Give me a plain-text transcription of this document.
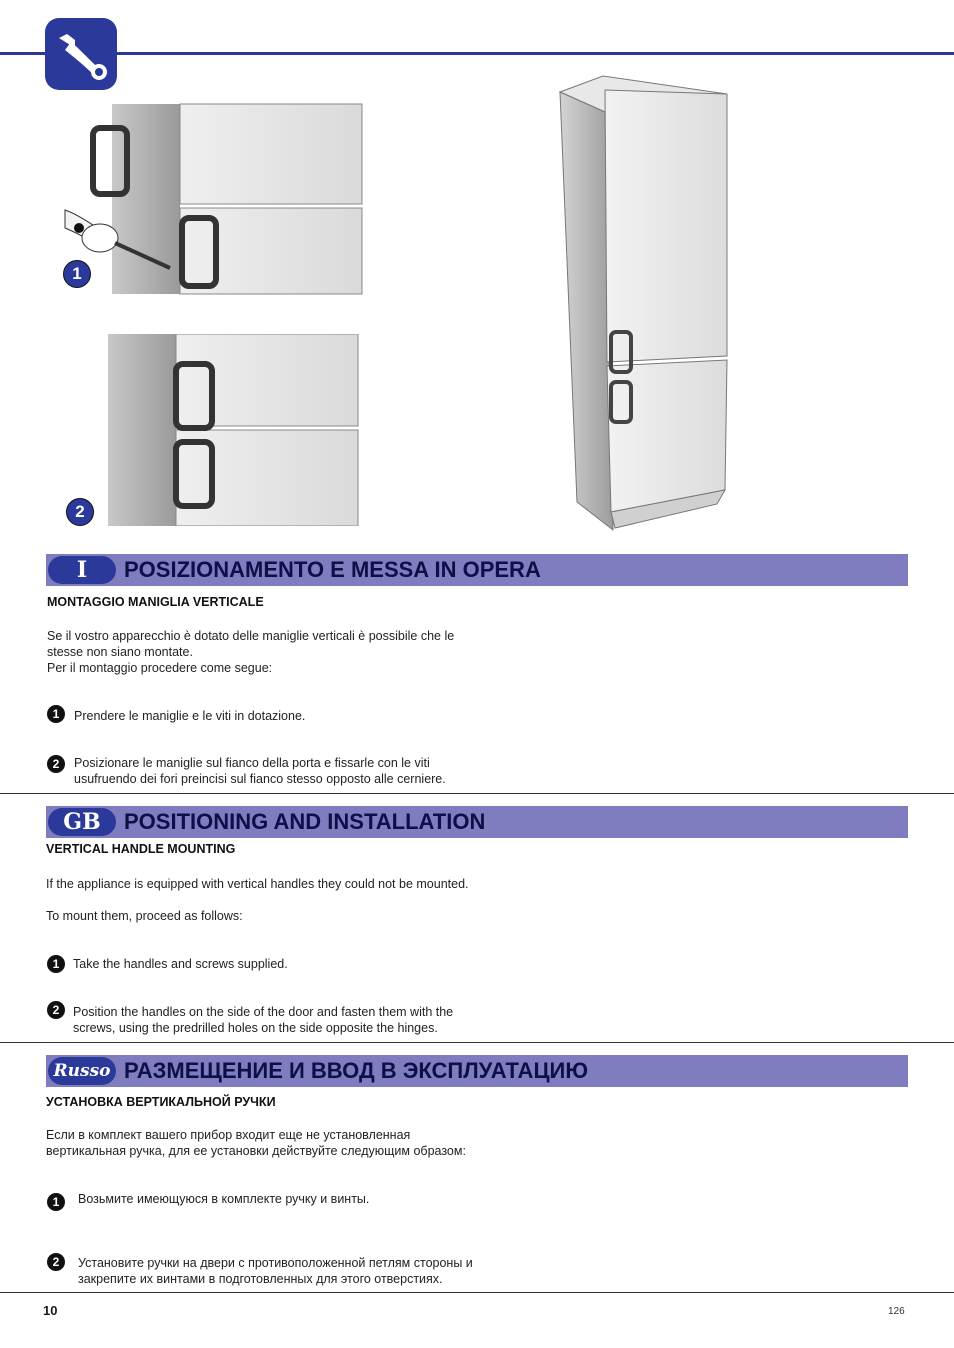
1
2
I	POSIZIONAMENTO E MESSA IN OPERA
MONTAGGIO MANIGLIA VERTICALE
Se il vostro apparecchio è dotato delle maniglie verticali è possibile che le stesse non siano montate.
Per il montaggio procedere come segue:
1	Prendere le maniglie e le viti in dotazione.
2	Posizionare le maniglie sul fianco della porta e fissarle con le viti usufruendo dei fori preincisi sul fianco stesso opposto alle cerniere.
GB	POSITIONING AND INSTALLATION
VERTICAL HANDLE MOUNTING
If the appliance is equipped with vertical handles they could not be mounted.
To mount them, proceed as follows:
1	Take the handles and screws supplied.
2	Position the handles on the side of the door and fasten them with the screws, using the predrilled holes on the side opposite the hinges.
Russo РАЗМЕЩЕНИЕ И ВВОД В ЭКСПЛУАТАЦИЮ
УСТАНОВКА ВЕРТИКАЛЬНОЙ РУЧКИ
Если в комплект вашего прибор входит еще не установленная вертикальная ручка, для ее установки действуйте следующим образом:
1	Возьмите имеющуюся в комплекте ручку и винты.
2	Установите ручки на двери с противоположенной петлям стороны и закрепите их винтами в подготовленных для этого отверстиях.
10	126
